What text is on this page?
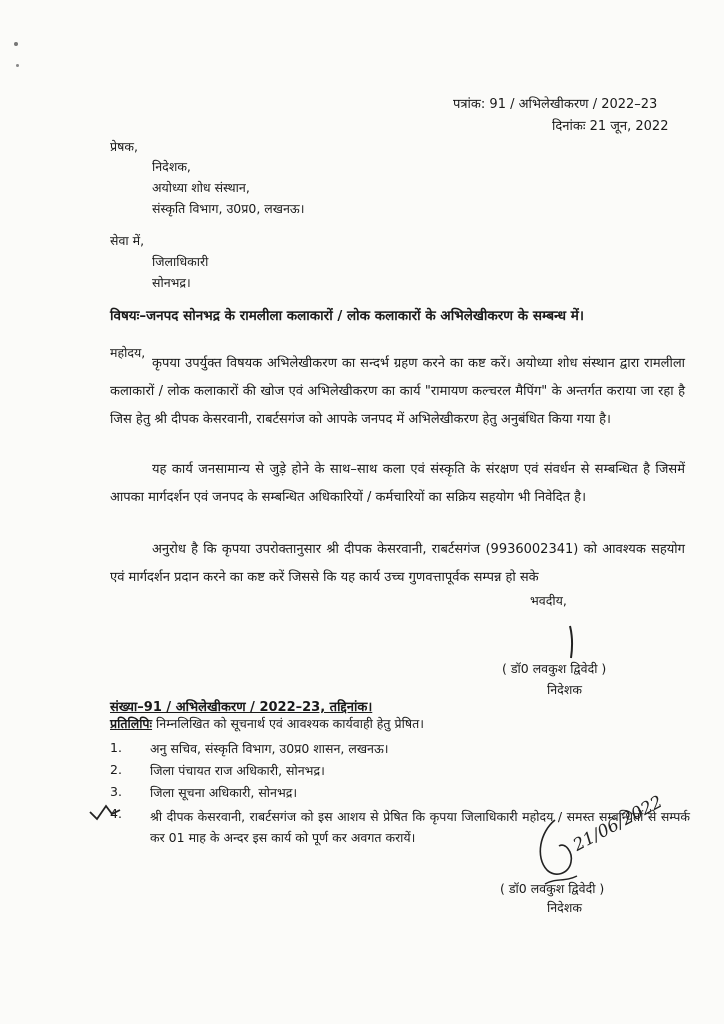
पत्रांक: 91 / अभिलेखीकरण / 2022–23
दिनांकः 21 जून, 2022
प्रेषक,
निदेशक,
अयोध्या शोध संस्थान,
संस्कृति विभाग, उ0प्र0, लखनऊ।
सेवा में,
जिलाधिकारी
सोनभद्र।
विषयः–जनपद सोनभद्र के रामलीला कलाकारों / लोक कलाकारों के अभिलेखीकरण के सम्बन्ध में।
महोदय,
कृपया उपर्युक्त विषयक अभिलेखीकरण का सन्दर्भ ग्रहण करने का कष्ट करें। अयोध्या शोध संस्थान द्वारा रामलीला कलाकारों / लोक कलाकारों की खोज एवं अभिलेखीकरण का कार्य "रामायण कल्चरल मैपिंग" के अन्तर्गत कराया जा रहा है जिस हेतु श्री दीपक केसरवानी, राबर्टसगंज को आपके जनपद में अभिलेखीकरण हेतु अनुबंधित किया गया है।
यह कार्य जनसामान्य से जुड़े होने के साथ–साथ कला एवं संस्कृति के संरक्षण एवं संवर्धन से सम्बन्धित है जिसमें आपका मार्गदर्शन एवं जनपद के सम्बन्धित अधिकारियों / कर्मचारियों का सक्रिय सहयोग भी निवेदित है।
अनुरोध है कि कृपया उपरोक्तानुसार श्री दीपक केसरवानी, राबर्टसगंज (9936002341) को आवश्यक सहयोग एवं मार्गदर्शन प्रदान करने का कष्ट करें जिससे कि यह कार्य उच्च गुणवत्तापूर्वक सम्पन्न हो सके
भवदीय,
( डॉ0 लवकुश द्विवेदी )
निदेशक
संख्या–91 / अभिलेखीकरण / 2022–23, तद्दिनांक।
प्रतिलिपिः निम्नलिखित को सूचनार्थ एवं आवश्यक कार्यवाही हेतु प्रेषित।
1. अनु सचिव, संस्कृति विभाग, उ0प्र0 शासन, लखनऊ।
2. जिला पंचायत राज अधिकारी, सोनभद्र।
3. जिला सूचना अधिकारी, सोनभद्र।
4. श्री दीपक केसरवानी, राबर्टसगंज को इस आशय से प्रेषित कि कृपया जिलाधिकारी महोदय / समस्त सम्बन्धितों से सम्पर्क कर 01 माह के अन्दर इस कार्य को पूर्ण कर अवगत करायें।	21/06/2022
( डॉ0 लवकुश द्विवेदी )
निदेशक
